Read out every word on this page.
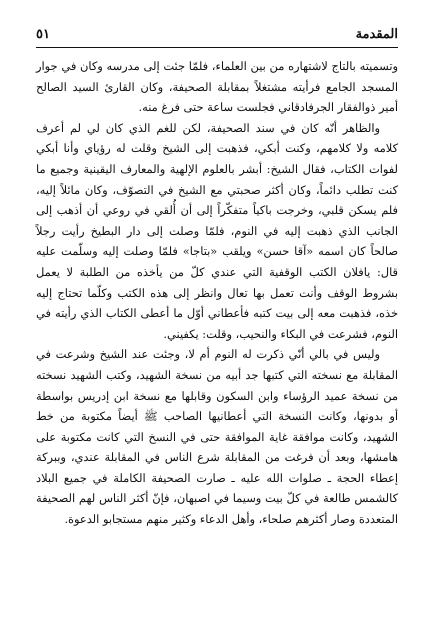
المقدمة
٥١

وتسميته بالتاج لاشتهاره من بين العلماء، فلمّا جئت إلى مدرسه وكان في جوار المسجد الجامع فرأيته مشتغلاً بمقابلة الصحيفة، وكان القارئ السيد الصالح أمير ذوالفقار الجرفادقاني فجلست ساعة حتى فرغ منه.

والظاهر أنّه كان في سند الصحيفة، لكن للغم الذي كان لي لم أعرف كلامه ولا كلامهم، وكنت أبكي، فذهبت إلى الشيخ وقلت له رؤياي وأنا أبكي لفوات الكتاب، فقال الشيخ: أبشر بالعلوم الإلهية والمعارف اليقينية وجميع ما كنت تطلب دائماً، وكان أكثر صحبتي مع الشيخ في التصوّف، وكان مائلاً إليه، فلم يسكن قلبي، وخرجت باكياً متفكّراً إلى أن أُلقي في روعي أن أذهب إلى الجانب الذي ذهبت إليه في النوم، فلمّا وصلت إلى دار البطيخ رأيت رجلاً صالحاً كان اسمه «آقا حسن» ويلقب «بتاجا» فلمّا وصلت إليه وسلّمت عليه قال: يافلان الكتب الوقفية التي عندي كلّ من يأخذه من الطلبة لا يعمل بشروط الوقف وأنت تعمل بها تعال وانظر إلى هذه الكتب وكلّما تحتاج إليه خذه، فذهبت معه إلى بيت كتبه فأعطاني أوّل ما أعطى الكتاب الذي رأيته في النوم، فشرعت في البكاء والنحيب، وقلت: يكفيني.

وليس في بالي أنّي ذكرت له النوم أم لا، وجئت عند الشيخ وشرعت في المقابلة مع نسخته التي كتبها جد أبيه من نسخة الشهيد، وكتب الشهيد نسخته من نسخة عميد الرؤساء وابن السكون وقابلها مع نسخة ابن إدريس بواسطة أو بدونها، وكانت النسخة التي أعطانيها الصاحب ﷺ أيضاً مكتوبة من خط الشهيد، وكانت موافقة غاية الموافقة حتى في النسخ التي كانت مكتوبة على هامشها، وبعد أن فرغت من المقابلة شرع الناس في المقابلة عندي، وببركة إعطاء الحجة ـ صلوات الله عليه ـ صارت الصحيفة الكاملة في جميع البلاد كالشمس طالعة في كلّ بيت وسيما في اصبهان، فإنّ أكثر الناس لهم الصحيفة المتعددة وصار أكثرهم صلحاء، وأهل الدعاء وكثير منهم مستجابو الدعوة.
